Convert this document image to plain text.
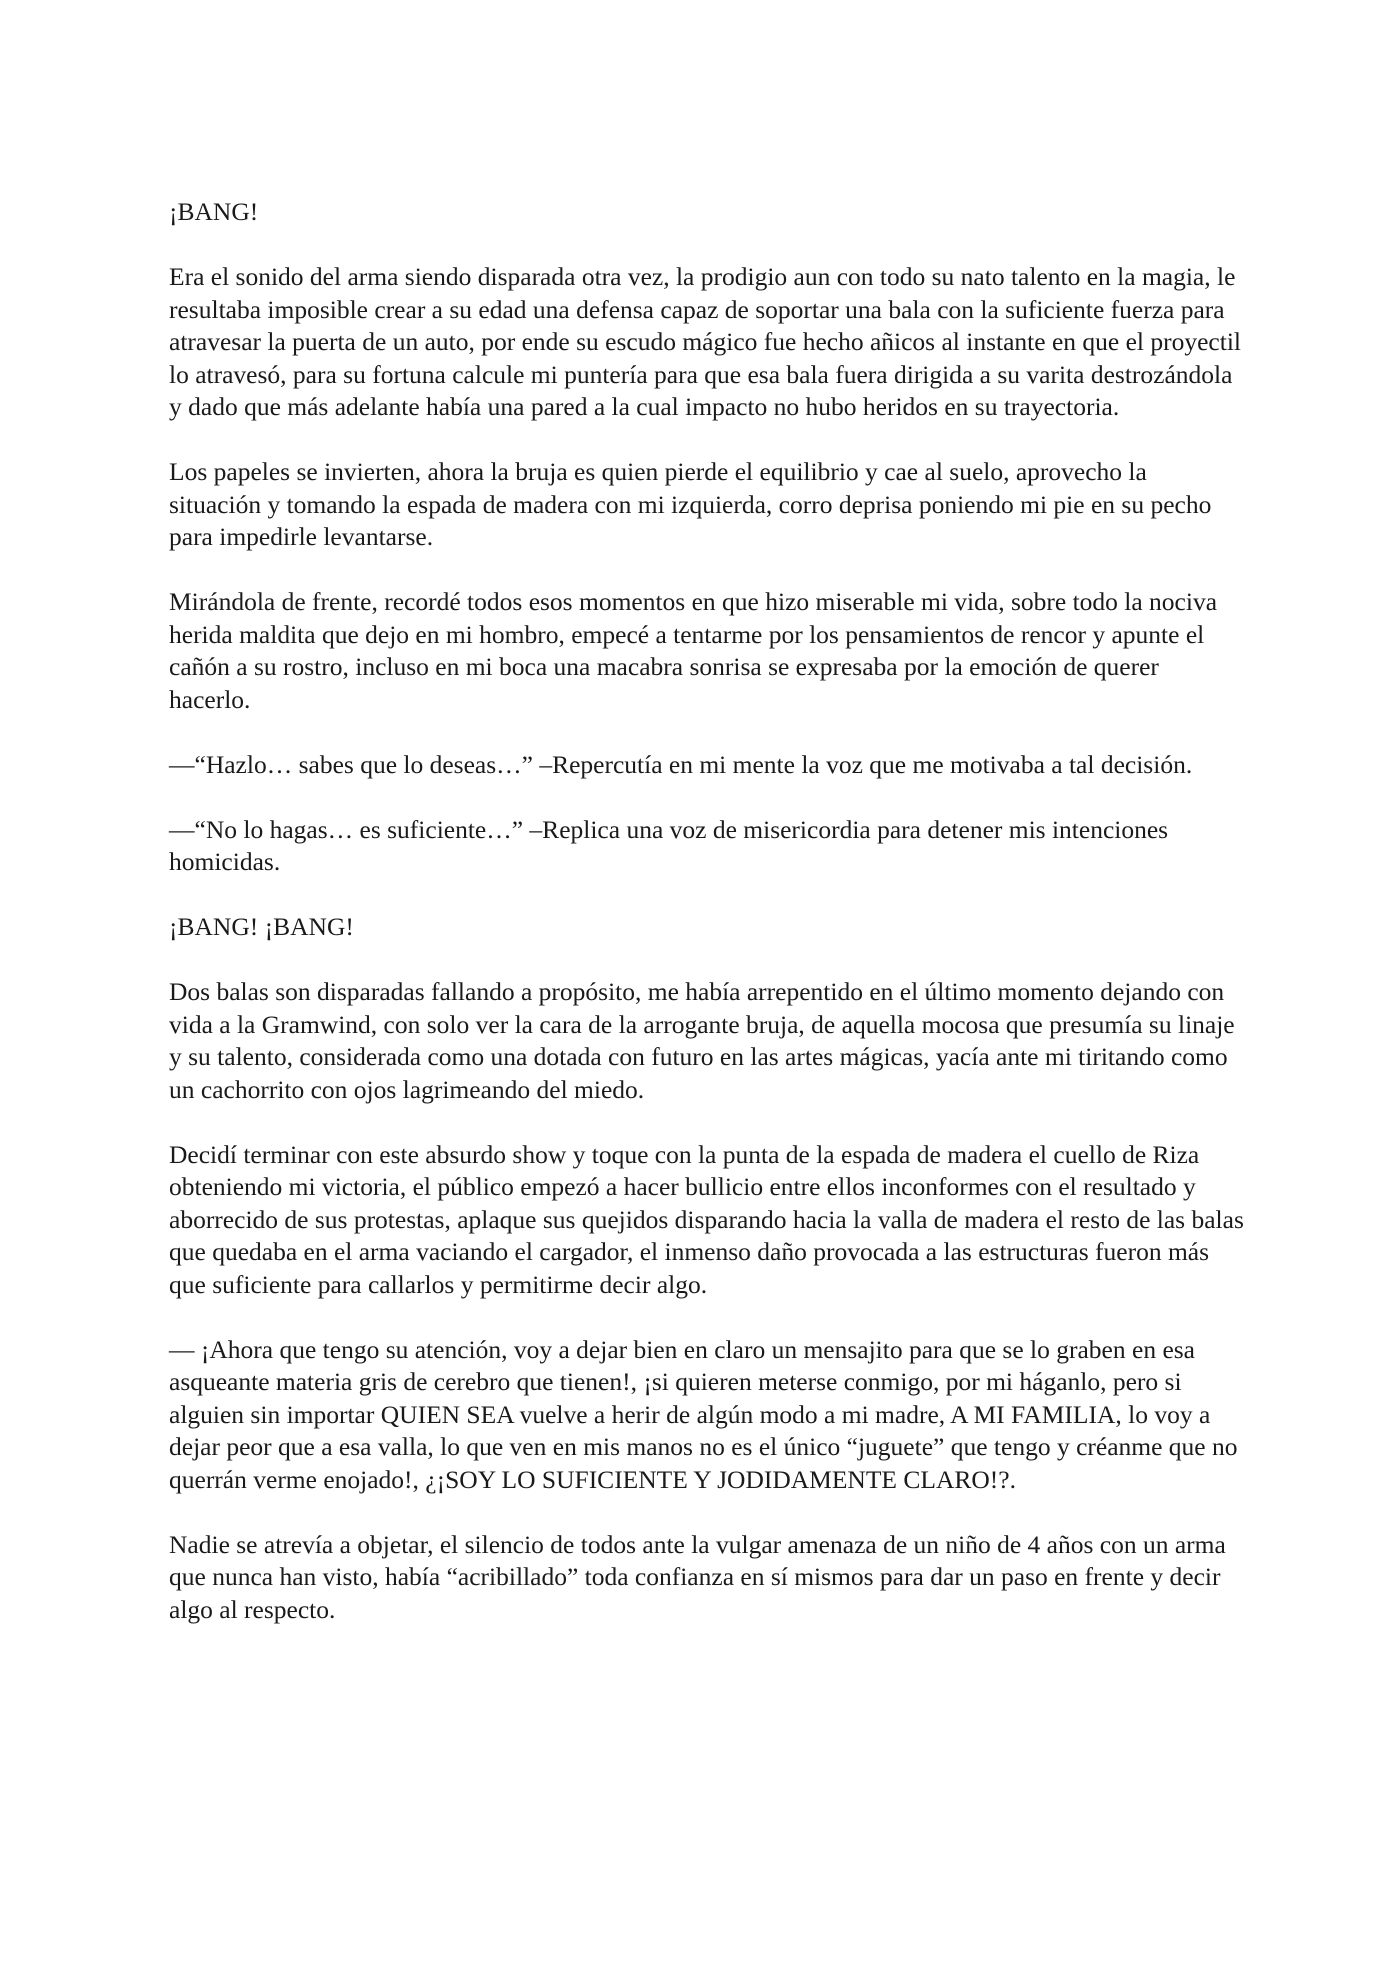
¡BANG!

Era el sonido del arma siendo disparada otra vez, la prodigio aun con todo su nato talento en la magia, le resultaba imposible crear a su edad una defensa capaz de soportar una bala con la suficiente fuerza para atravesar la puerta de un auto, por ende su escudo mágico fue hecho añicos al instante en que el proyectil lo atravesó, para su fortuna calcule mi puntería para que esa bala fuera dirigida a su varita destrozándola y dado que más adelante había una pared a la cual impacto no hubo heridos en su trayectoria.

Los papeles se invierten, ahora la bruja es quien pierde el equilibrio y cae al suelo, aprovecho la situación y tomando la espada de madera con mi izquierda, corro deprisa poniendo mi pie en su pecho para impedirle levantarse.

Mirándola de frente, recordé todos esos momentos en que hizo miserable mi vida, sobre todo la nociva herida maldita que dejo en mi hombro, empecé a tentarme por los pensamientos de rencor y apunte el cañón a su rostro, incluso en mi boca una macabra sonrisa se expresaba por la emoción de querer hacerlo.

—“Hazlo… sabes que lo deseas…” –Repercutía en mi mente la voz que me motivaba a tal decisión.

—“No lo hagas… es suficiente…” –Replica una voz de misericordia para detener mis intenciones homicidas.

¡BANG! ¡BANG!

Dos balas son disparadas fallando a propósito, me había arrepentido en el último momento dejando con vida a la Gramwind, con solo ver la cara de la arrogante bruja, de aquella mocosa que presumía su linaje y su talento, considerada como una dotada con futuro en las artes mágicas, yacía ante mi tiritando como un cachorrito con ojos lagrimeando del miedo.

Decidí terminar con este absurdo show y toque con la punta de la espada de madera el cuello de Riza obteniendo mi victoria, el público empezó a hacer bullicio entre ellos inconformes con el resultado y aborrecido de sus protestas, aplaque sus quejidos disparando hacia la valla de madera el resto de las balas que quedaba en el arma vaciando el cargador, el inmenso daño provocada a las estructuras fueron más que suficiente para callarlos y permitirme decir algo.

— ¡Ahora que tengo su atención, voy a dejar bien en claro un mensajito para que se lo graben en esa asqueante materia gris de cerebro que tienen!, ¡si quieren meterse conmigo, por mi háganlo, pero si alguien sin importar QUIEN SEA vuelve a herir de algún modo a mi madre, A MI FAMILIA, lo voy a dejar peor que a esa valla, lo que ven en mis manos no es el único “juguete” que tengo y créanme que no querrán verme enojado!, ¿¡SOY LO SUFICIENTE Y JODIDAMENTE CLARO!?.

Nadie se atrevía a objetar, el silencio de todos ante la vulgar amenaza de un niño de 4 años con un arma que nunca han visto, había “acribillado” toda confianza en sí mismos para dar un paso en frente y decir algo al respecto.
